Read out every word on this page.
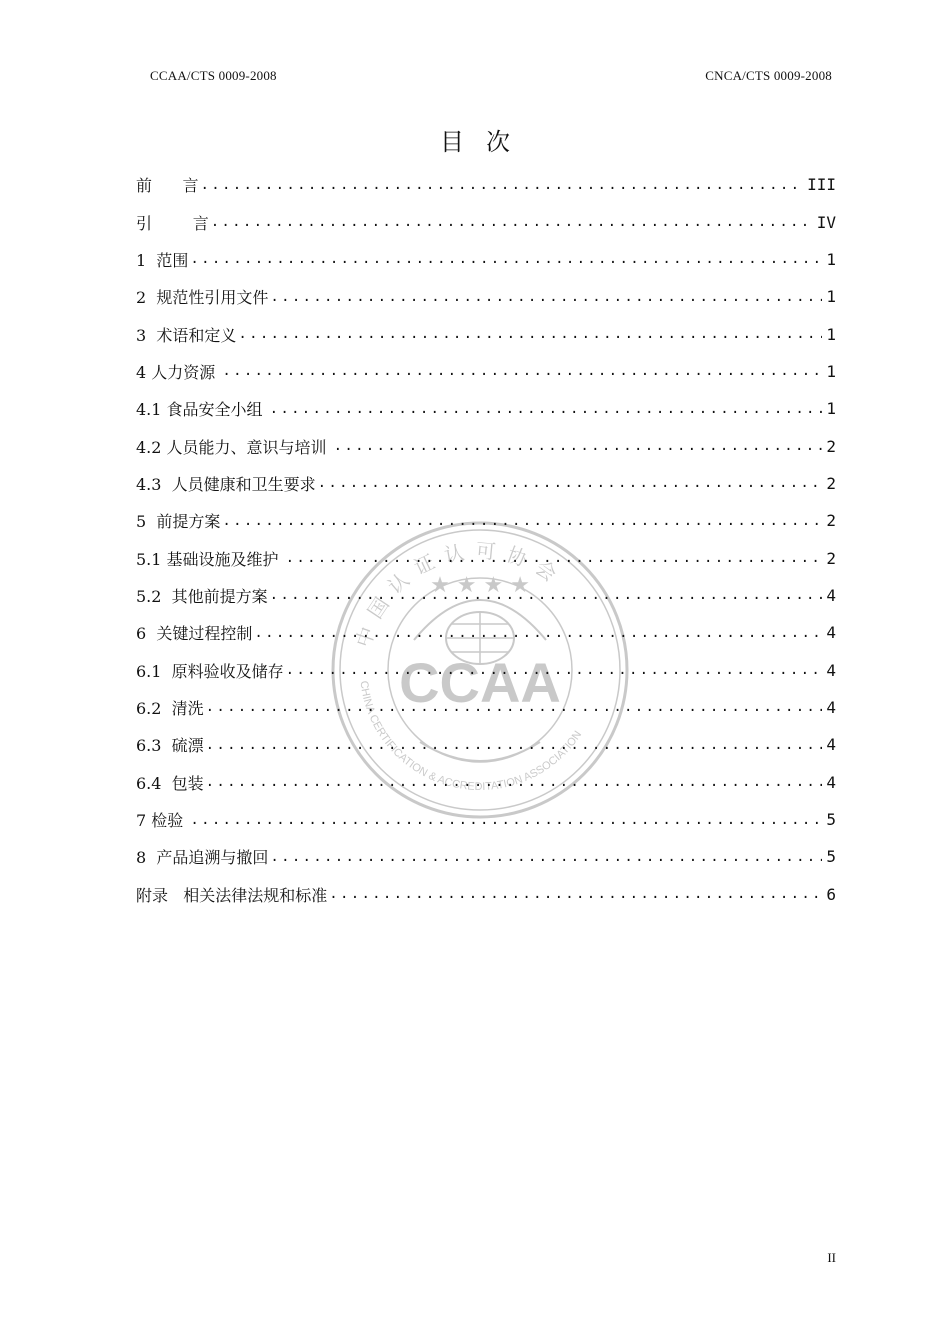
CCAA/CTS 0009-2008	CNCA/CTS 0009-2008
目次
CCAA
中国认证认可协会
CHINA CERTIFICATION & ACCREDITATION ASSOCIATION
★ ★ ★ ★
前      言 .....	III
引        言 .....	IV
1  范围 .....	1
2  规范性引用文件 .....	1
3  术语和定义 .....	1
4 人力资源 .....	1
4.1 食品安全小组 .....	1
4.2 人员能力、意识与培训 .....	2
4.3  人员健康和卫生要求 .....	2
5  前提方案 .....	2
5.1 基础设施及维护 .....	2
5.2  其他前提方案 .....	4
6  关键过程控制 .....	4
6.1  原料验收及储存 .....	4
6.2  清洗 .....	4
6.3  硫漂 .....	4
6.4  包装 .....	4
7 检验 .....	5
8  产品追溯与撤回 .....	5
附录   相关法律法规和标准 .....	6
II
